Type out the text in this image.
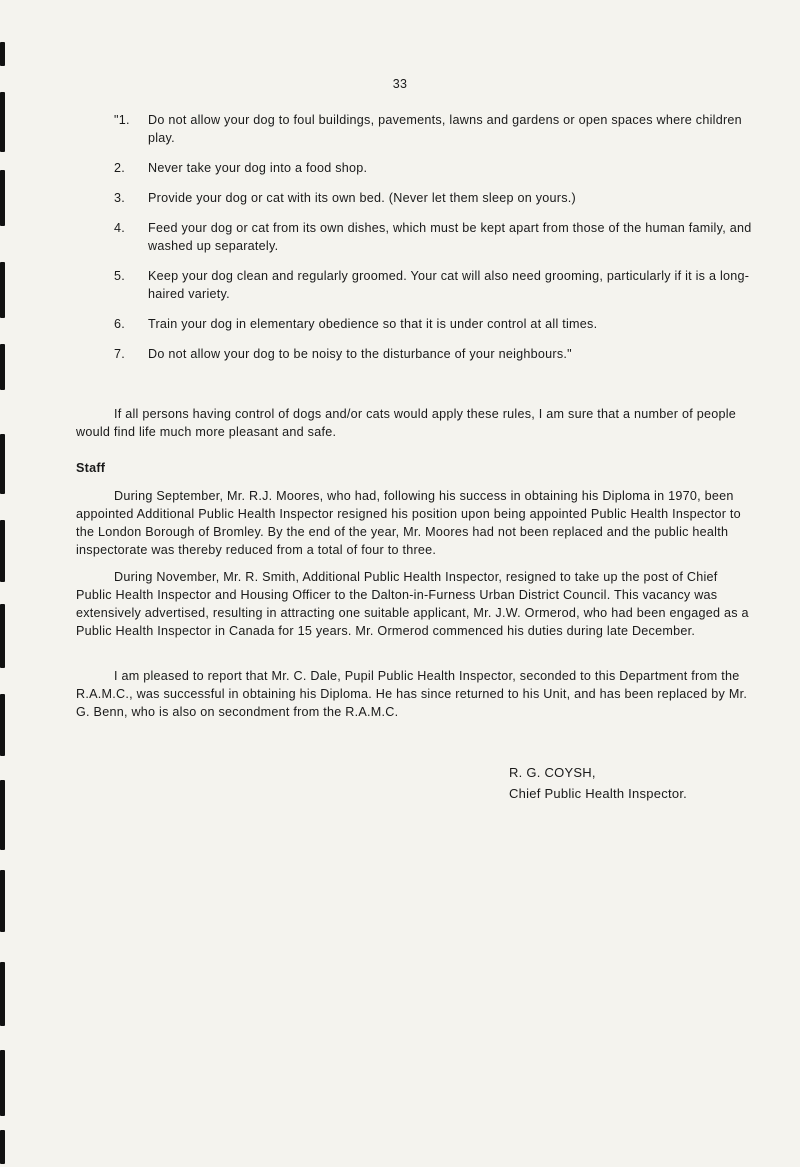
33
"1.	Do not allow your dog to foul buildings, pavements, lawns and gardens or open spaces where children play.
2.	Never take your dog into a food shop.
3.	Provide your dog or cat with its own bed. (Never let them sleep on yours.)
4.	Feed your dog or cat from its own dishes, which must be kept apart from those of the human family, and washed up separately.
5.	Keep your dog clean and regularly groomed. Your cat will also need grooming, particularly if it is a long-haired variety.
6.	Train your dog in elementary obedience so that it is under control at all times.
7.	Do not allow your dog to be noisy to the disturbance of your neighbours."

If all persons having control of dogs and/or cats would apply these rules, I am sure that a number of people would find life much more pleasant and safe.

Staff

During September, Mr. R.J. Moores, who had, following his success in obtaining his Diploma in 1970, been appointed Additional Public Health Inspector resigned his position upon being appointed Public Health Inspector to the London Borough of Bromley. By the end of the year, Mr. Moores had not been replaced and the public health inspectorate was thereby reduced from a total of four to three.

During November, Mr. R. Smith, Additional Public Health Inspector, resigned to take up the post of Chief Public Health Inspector and Housing Officer to the Dalton-in-Furness Urban District Council. This vacancy was extensively advertised, resulting in attracting one suitable applicant, Mr. J.W. Ormerod, who had been engaged as a Public Health Inspector in Canada for 15 years. Mr. Ormerod commenced his duties during late December.

I am pleased to report that Mr. C. Dale, Pupil Public Health Inspector, seconded to this Department from the R.A.M.C., was successful in obtaining his Diploma. He has since returned to his Unit, and has been replaced by Mr. G. Benn, who is also on secondment from the R.A.M.C.

R. G. COYSH,

Chief Public Health Inspector.
